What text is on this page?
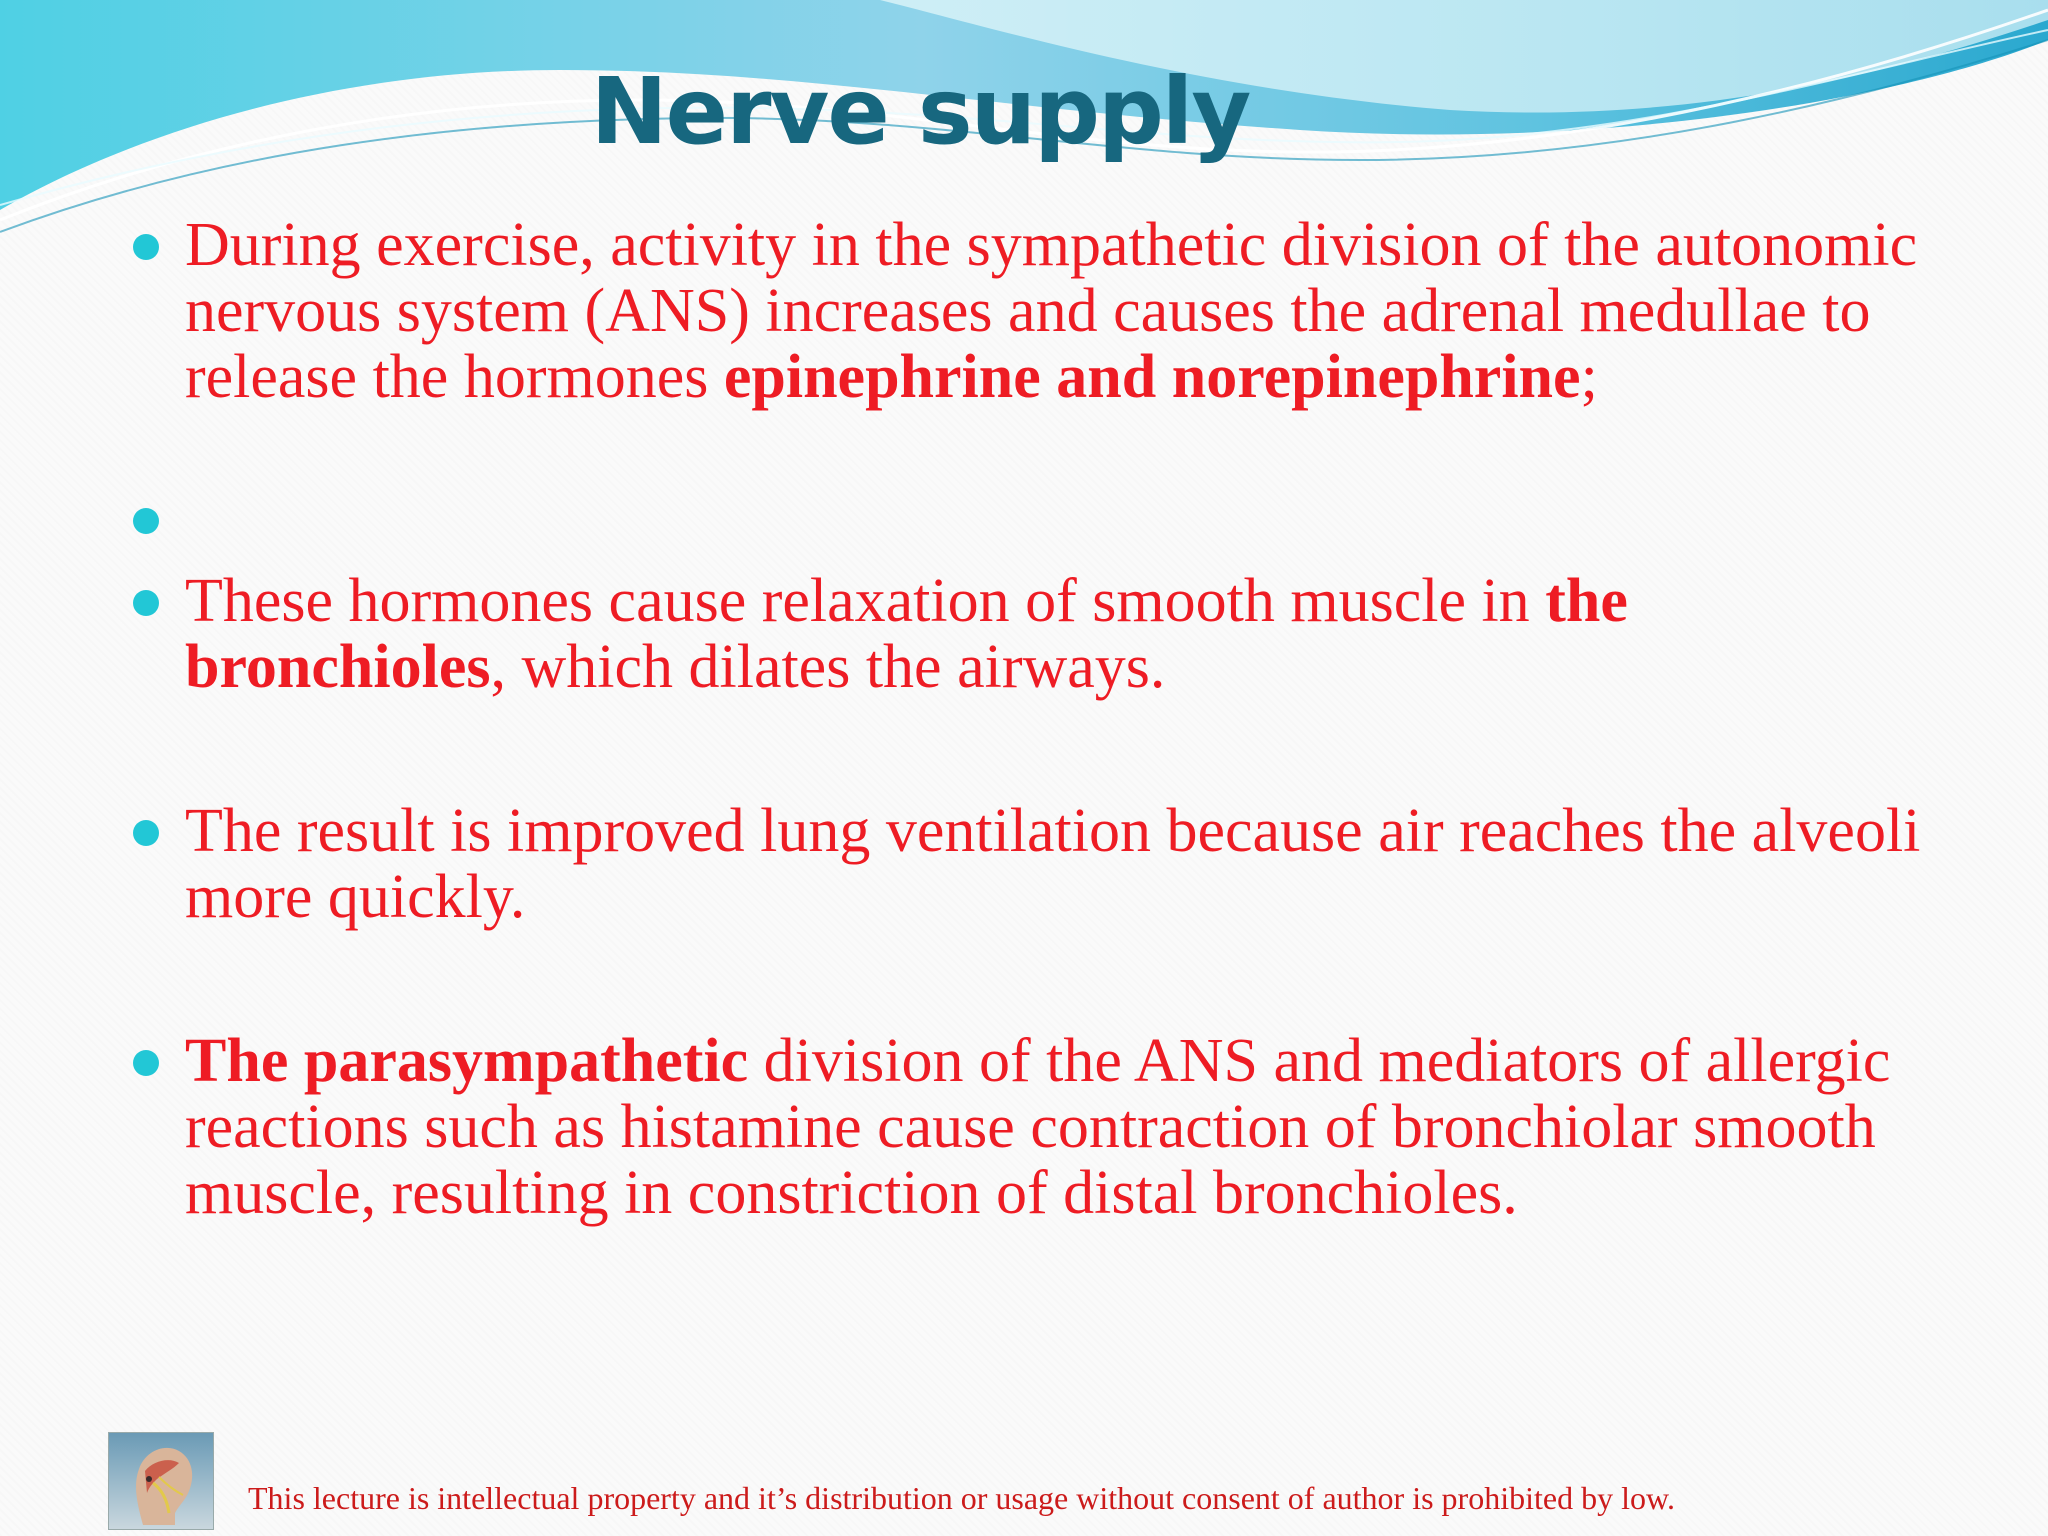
Nerve supply
During exercise, activity in the sympathetic division of the autonomic nervous system (ANS) increases and causes the adrenal medullae to release the hormones epinephrine and norepinephrine;
These hormones cause relaxation of smooth muscle in the bronchioles, which dilates the airways.
The result is improved lung ventilation because air reaches the alveoli more quickly.
The parasympathetic division of the ANS and mediators of allergic reactions such as histamine cause contraction of bronchiolar smooth muscle, resulting in constriction of distal bronchioles.
This lecture is intellectual property and it’s distribution or usage without consent of author is prohibited by low.
